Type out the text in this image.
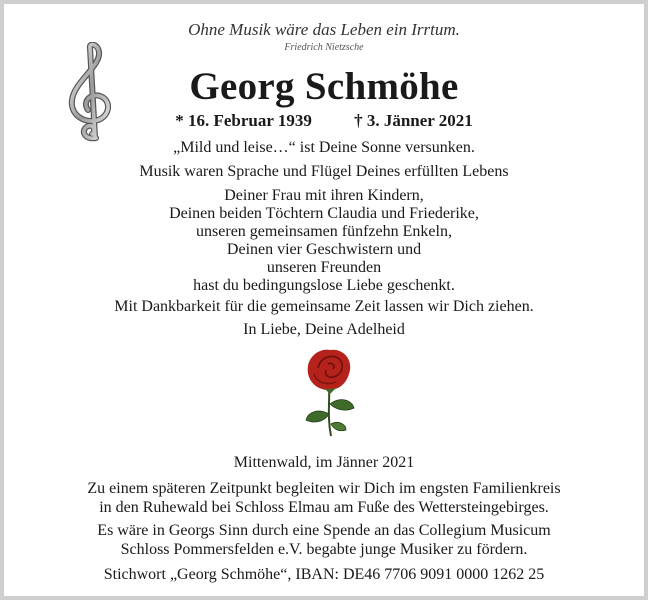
Ohne Musik wäre das Leben ein Irrtum.
Friedrich Nietzsche
Georg Schmöhe
* 16. Februar 1939 † 3. Jänner 2021
„Mild und leise…“ ist Deine Sonne versunken.
Musik waren Sprache und Flügel Deines erfüllten Lebens
Deiner Frau mit ihren Kindern,
Deinen beiden Töchtern Claudia und Friederike,
unseren gemeinsamen fünfzehn Enkeln,
Deinen vier Geschwistern und
unseren Freunden
hast du bedingungslose Liebe geschenkt.
Mit Dankbarkeit für die gemeinsame Zeit lassen wir Dich ziehen.
In Liebe, Deine Adelheid
Mittenwald, im Jänner 2021
Zu einem späteren Zeitpunkt begleiten wir Dich im engsten Familienkreis
in den Ruhewald bei Schloss Elmau am Fuße des Wettersteingebirges.
Es wäre in Georgs Sinn durch eine Spende an das Collegium Musicum
Schloss Pommersfelden e.V. begabte junge Musiker zu fördern.
Stichwort „Georg Schmöhe“, IBAN: DE46 7706 9091 0000 1262 25
